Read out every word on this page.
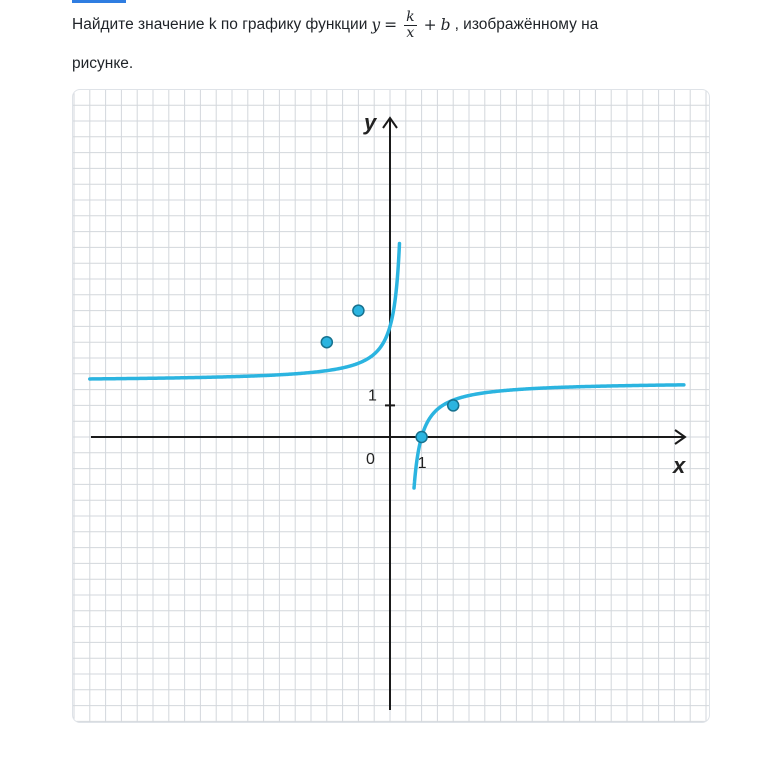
Найдите значение k по графику функции $y = \frac{k}{x} + b$ , изображённому на
рисунке.
y
x
0	1
1
